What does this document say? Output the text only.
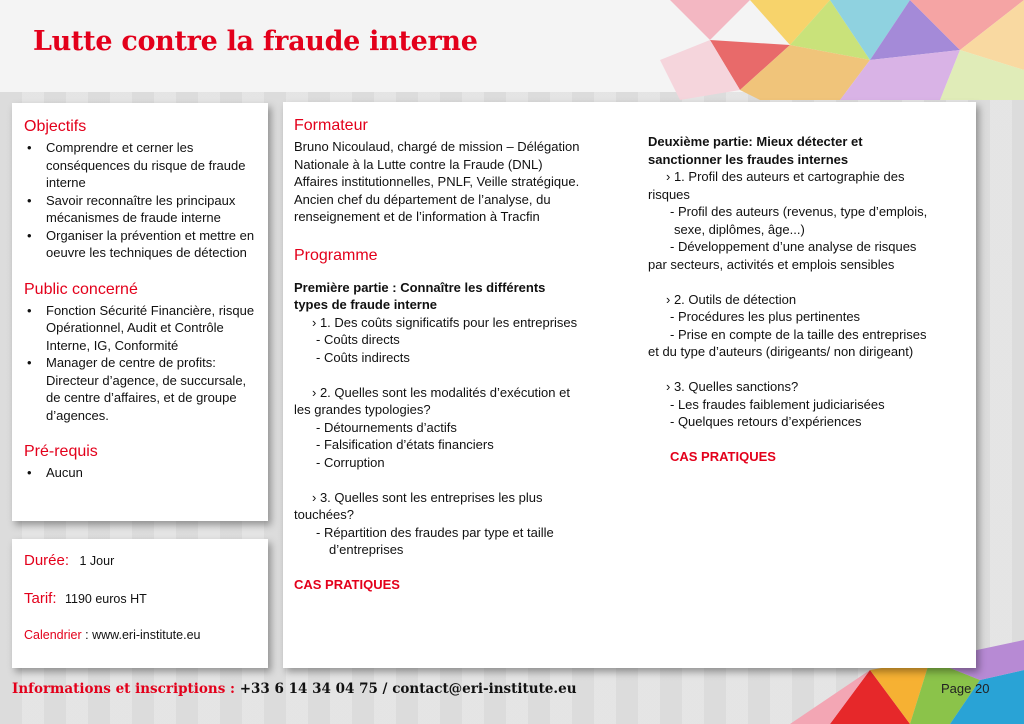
Lutte contre la fraude interne
Objectifs
• Comprendre et cerner les conséquences du risque de fraude interne
• Savoir reconnaître les principaux mécanismes de fraude interne
• Organiser la prévention et mettre en oeuvre les techniques de détection
Public concerné
• Fonction Sécurité Financière, risque Opérationnel, Audit et Contrôle Interne, IG, Conformité
• Manager de centre de profits: Directeur d’agence, de succursale, de centre d’affaires, et de groupe d’agences.
Pré-requis
• Aucun
Durée: 1 Jour
Tarif: 1190 euros HT
Calendrier : www.eri-institute.eu
Formateur
Bruno Nicoulaud, chargé de mission – Délégation
Nationale à la Lutte contre la Fraude (DNL)
Affaires institutionnelles, PNLF, Veille stratégique.
Ancien chef du département de l’analyse, du
renseignement et de l’information à Tracfin
Programme
Première partie : Connaître les différents
types de fraude interne
› 1. Des coûts significatifs pour les entreprises
- Coûts directs
- Coûts indirects
› 2. Quelles sont les modalités d’exécution et
les grandes typologies?
- Détournements d’actifs
- Falsification d’états financiers
- Corruption
› 3. Quelles sont les entreprises les plus
touchées?
- Répartition des fraudes par type et taille
d’entreprises
CAS PRATIQUES
Deuxième partie: Mieux détecter et
sanctionner les fraudes internes
› 1. Profil des auteurs et cartographie des
risques
- Profil des auteurs (revenus, type d’emplois,
sexe, diplômes, âge...)
- Développement d’une analyse de risques
par secteurs, activités et emplois sensibles
› 2. Outils de détection
- Procédures les plus pertinentes
- Prise en compte de la taille des entreprises
et du type d’auteurs (dirigeants/ non dirigeant)
› 3. Quelles sanctions?
- Les fraudes faiblement judiciarisées
- Quelques retours d’expériences
CAS PRATIQUES
Informations et inscriptions : +33 6 14 34 04 75 / contact@eri-institute.eu	Page 20
